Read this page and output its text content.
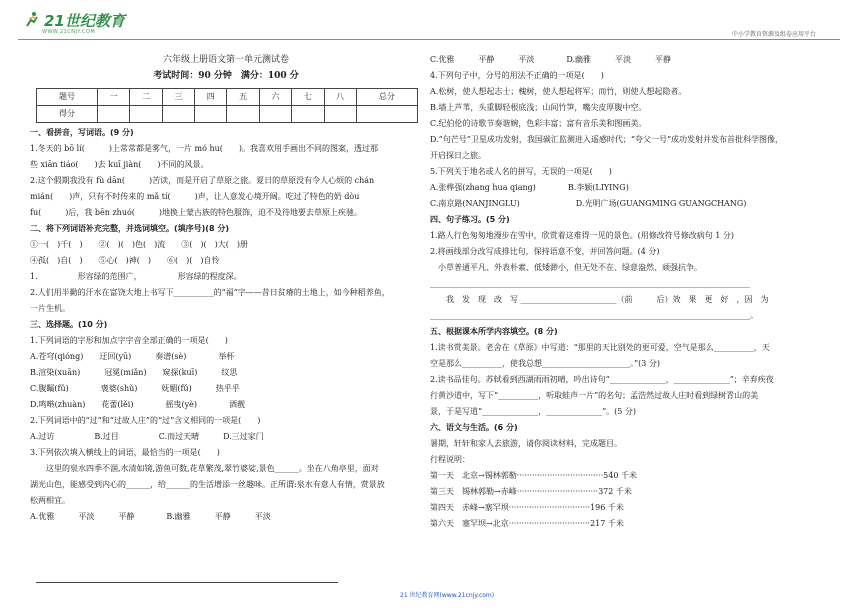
21世纪教育
WWW.21CNJY.COM	中小学教育资源及组卷应用平台

六年级上册语文第一单元测试卷

考试时间：90 分钟　满分：100 分

题号	一	二	三	四	五	六	七	八	总分
得分									

一、看拼音，写词语。(9 分)

1.冬天的 bō lí(　　　)上常常都是雾气，一片 mó hu(　　)。我喜欢用手画出不同的图案，透过那

些 xiān tiáo(　　)去 kuī jiàn(　　)不同的风景。

2.这个假期我没有 fù dān(　　　)苦读，而是开启了草原之旅。夏日的草原没有令人心烦的 chán

mián(　　)声，只有不时传来的 mǎ tí(　　　)声，让人意发心境开阔。吃过了特色的奶 dòu

fu(　　　)后，我 bēn zhuó(　　　)地换上蒙古族的特色服饰，迫不及待地要去草原上疾驰。

二、将下列词语补充完整，并选词填空。(填序号)(8 分)

①一(　)千(　)　　②(　)(　)色(　)流　　③(　)(　)大(　)册

④孤(　)自(　)　　⑤心(　)神(　)　　⑥(　)(　)自怜

1.　　　　　形容绿的范围广，　　　　　形容绿的程度深。

2.人们用半勤的汗水在富饶大地上书写下__________的“福”字——昔日贫瘠的土地上，如今种稻养鱼，

一片生机。

三、选择题。(10 分)

1.下列词语的字形和加点字字音全部正确的一项是(　　)

A.苍穹(qióng)　　迂回(yū)　　　奏谱(sè)　　　　举杯

B.渲染(xuān)　　　冠冕(miǎn)　　窥探(kuī)　　　纹思

C.腹瞩(fǔ)　　　　褒婆(shǔ)　　　妩媚(fǔ)　　　热乎乎

D.鸣啭(zhuàn)　　花蕾(lěi)　　　　摇曳(yè)　　　　酒靓

2.下列词语中的“过”和“过故人庄”的“过”含义相同的一项是(　　)

A.过访　　　　　B.过目　　　　　C.而过天晴　　　D.三过家门

3.下列依次填入横线上的词语，最恰当的一项是(　　)

　　这里的泉水四季不涸,水清如镜,游鱼可数,花草繁茂,翠竹婆娑,景色______。坐在八角亭里，面对

湖光山色，能感受到内心的______，给______的生活增添一丝趣味。正所谓:泉水有意人有情，赏景放

松两相宜。

A.优雅　　　平淡　　　平静　　　　B.幽雅　　　平静　　　平淡

C.优雅　　　平静　　　平淡　　　　D.幽雅　　　平淡　　　平静

4.下列句子中，分号的用法不正确的一项是(　　)

A.松树，使人想起志士；槐树，使人想起将军；而竹，则使人想起隐者。

B.墙上芦苇，头重脚轻根底浅；山间竹笋，嘴尖皮厚腹中空。

C.纪伯伦的诗歌节奏谐婉，色彩丰富；富有音乐美和图画美。

D.“句芒号”卫星成功发射，我国碳汇监测进入遥感时代；“夸父一号”成功发射并发布首批科学图像，

开启探日之旅。

5.下列关于地名或人名的拼写，无误的一项是(　　)

A.张桦强(zhang hua qiang)　　　　B.李颖(LIYING)

C.南京路(NANJINGLU)　　　　　　　D.光明广场(GUANGMING GUANGCHANG)

四、句子练习。(5 分)

1.路人行色匆匆地漫步在雪中，欣赏着这难得一见的景色。(用修改符号修改病句 1 分)

2.将画线部分改写成排比句，保持语意不变，并回答问题。(4 分)

　小草普通平凡、外表朴素、低矮渺小，但无处不在、绿意盎然、顽强抗争。

________________________________________________________________________________

　　我　发　现　改　写 ________________________（前　　　后）效　果　更　好　，因　为

________________________________________________________________________________。

五、根据课本所学内容填空。(8 分)

1.读书赏美景。老舍在《草原》中写道：“那里的天比别处的更可爱，空气是那么__________，天

空是那么__________，使我总想______________________。”(3 分)

2.读书品佳句。苏轼看到西湖雨雨初晴，吟出诗句“______________，______________”；辛弃疾夜

行黄沙道中，写下“__________，听取蛙声一片”的名句；孟浩然过故人庄时看到绿树青山的美

景，于是写道“______________，______________”。(5 分)

六、语文与生活。(6 分)

暑期，轩轩和家人去旅游，请你阅读材料，完成题目。

行程说明：

第一天　北京→锡林郭勒··································540 千米

第三天　锡林郭勒→赤峰································372 千米

第四天　赤峰→塞罕坝································196 千米

第六天　塞罕坝→北京································217 千米

21 世纪教育网(www.21cnjy.com)
